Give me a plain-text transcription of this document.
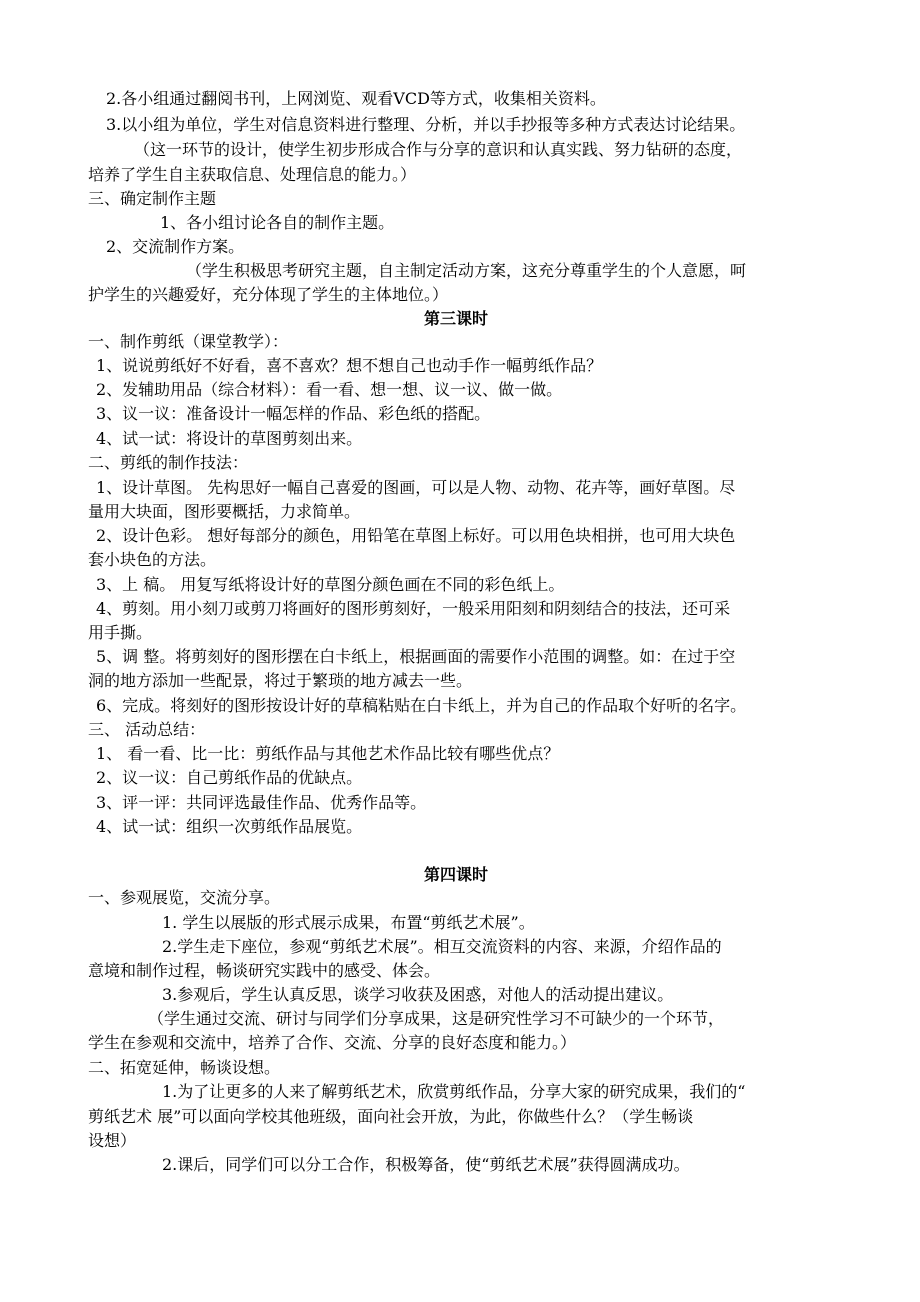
2.各小组通过翻阅书刊，上网浏览、观看VCD等方式，收集相关资料。
3.以小组为单位，学生对信息资料进行整理、分析，并以手抄报等多种方式表达讨论结果。
（这一环节的设计，使学生初步形成合作与分享的意识和认真实践、努力钻研的态度，
培养了学生自主获取信息、处理信息的能力。）
三、确定制作主题
1、各小组讨论各自的制作主题。
2、交流制作方案。
（学生积极思考研究主题，自主制定活动方案，这充分尊重学生的个人意愿，呵
护学生的兴趣爱好，充分体现了学生的主体地位。）
第三课时
一、制作剪纸（课堂教学）：
1、说说剪纸好不好看，喜不喜欢？想不想自己也动手作一幅剪纸作品？
2、发辅助用品（综合材料）：看一看、想一想、议一议、做一做。
3、议一议：准备设计一幅怎样的作品、彩色纸的搭配。
4、试一试：将设计的草图剪刻出来。
二、剪纸的制作技法：
1、设计草图。 先构思好一幅自己喜爱的图画，可以是人物、动物、花卉等，画好草图。尽
量用大块面，图形要概括，力求简单。
2、设计色彩。 想好每部分的颜色，用铅笔在草图上标好。可以用色块相拼，也可用大块色
套小块色的方法。
3、上 稿。 用复写纸将设计好的草图分颜色画在不同的彩色纸上。
4、剪刻。用小刻刀或剪刀将画好的图形剪刻好，一般采用阳刻和阴刻结合的技法，还可采
用手撕。
5、调 整。将剪刻好的图形摆在白卡纸上，根据画面的需要作小范围的调整。如：在过于空
洞的地方添加一些配景，将过于繁琐的地方减去一些。
6、完成。将刻好的图形按设计好的草稿粘贴在白卡纸上，并为自己的作品取个好听的名字。
三、 活动总结：
1、 看一看、比一比：剪纸作品与其他艺术作品比较有哪些优点？
2、议一议：自己剪纸作品的优缺点。
3、评一评：共同评选最佳作品、优秀作品等。
4、试一试：组织一次剪纸作品展览。
第四课时
一、参观展览，交流分享。
1. 学生以展版的形式展示成果，布置“剪纸艺术展”。
2.学生走下座位，参观“剪纸艺术展”。相互交流资料的内容、来源，介绍作品的
意境和制作过程，畅谈研究实践中的感受、体会。
3.参观后，学生认真反思，谈学习收获及困惑，对他人的活动提出建议。
（学生通过交流、研讨与同学们分享成果，这是研究性学习不可缺少的一个环节，
学生在参观和交流中，培养了合作、交流、分享的良好态度和能力。）
二、拓宽延伸，畅谈设想。
1.为了让更多的人来了解剪纸艺术，欣赏剪纸作品，分享大家的研究成果，我们的“
剪纸艺术 展”可以面向学校其他班级，面向社会开放，为此，你做些什么？（学生畅谈
设想）
2.课后，同学们可以分工合作，积极筹备，使“剪纸艺术展”获得圆满成功。
